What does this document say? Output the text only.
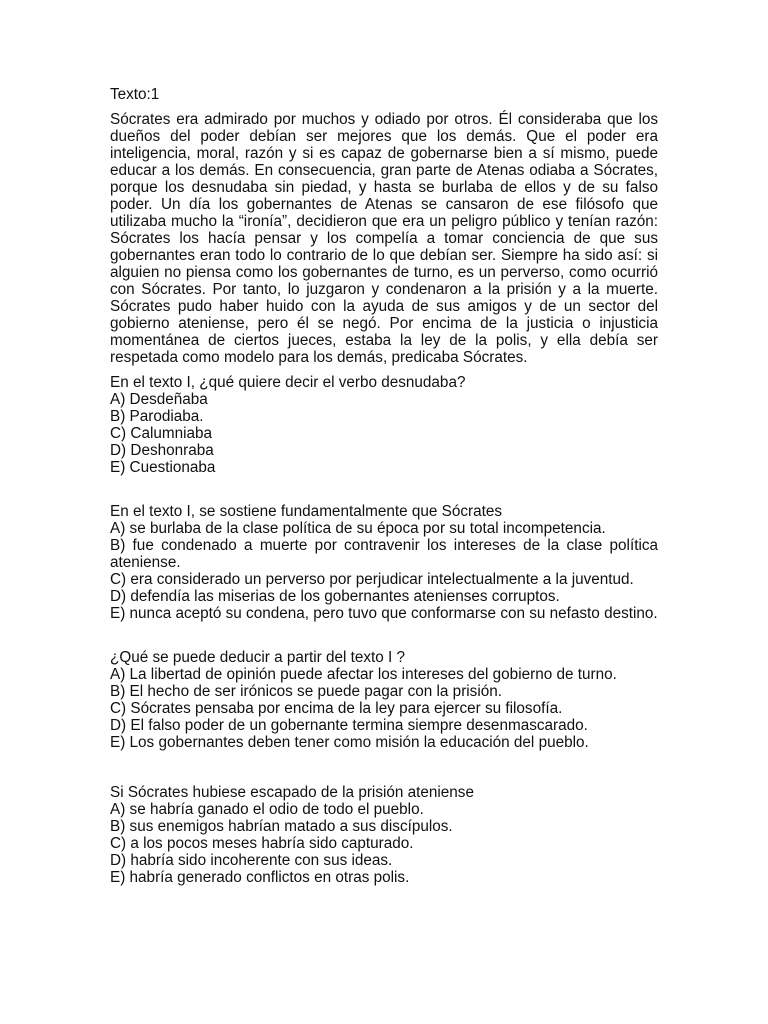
Texto:1

Sócrates era admirado por muchos y odiado por otros. Él consideraba que los dueños del poder debían ser mejores que los demás. Que el poder era inteligencia, moral, razón y si es capaz de gobernarse bien a sí mismo, puede educar a los demás. En consecuencia, gran parte de Atenas odiaba a Sócrates, porque los desnudaba sin piedad, y hasta se burlaba de ellos y de su falso poder. Un día los gobernantes de Atenas se cansaron de ese filósofo que utilizaba mucho la “ironía”, decidieron que era un peligro público y tenían razón: Sócrates los hacía pensar y los compelía a tomar conciencia de que sus gobernantes eran todo lo contrario de lo que debían ser. Siempre ha sido así: si alguien no piensa como los gobernantes de turno, es un perverso, como ocurrió con Sócrates. Por tanto, lo juzgaron y condenaron a la prisión y a la muerte. Sócrates pudo haber huido con la ayuda de sus amigos y de un sector del gobierno ateniense, pero él se negó. Por encima de la justicia o injusticia momentánea de ciertos jueces, estaba la ley de la polis, y ella debía ser respetada como modelo para los demás, predicaba Sócrates.

En el texto I, ¿qué quiere decir el verbo desnudaba?

A) Desdeñaba
B) Parodiaba.
C) Calumniaba
D) Deshonraba
E) Cuestionaba

En el texto I, se sostiene fundamentalmente que Sócrates

A) se burlaba de la clase política de su época por su total incompetencia.
B) fue condenado a muerte por contravenir los intereses de la clase política ateniense.
C) era considerado un perverso por perjudicar intelectualmente a la juventud.
D) defendía las miserias de los gobernantes atenienses corruptos.
E) nunca aceptó su condena, pero tuvo que conformarse con su nefasto destino.

¿Qué se puede deducir a partir del texto I ?

A) La libertad de opinión puede afectar los intereses del gobierno de turno.
B) El hecho de ser irónicos se puede pagar con la prisión.
C) Sócrates pensaba por encima de la ley para ejercer su filosofía.
D) El falso poder de un gobernante termina siempre desenmascarado.
E) Los gobernantes deben tener como misión la educación del pueblo.

Si Sócrates hubiese escapado de la prisión ateniense

A) se habría ganado el odio de todo el pueblo.
B) sus enemigos habrían matado a sus discípulos.
C) a los pocos meses habría sido capturado.
D) habría sido incoherente con sus ideas.
E) habría generado conflictos en otras polis.
